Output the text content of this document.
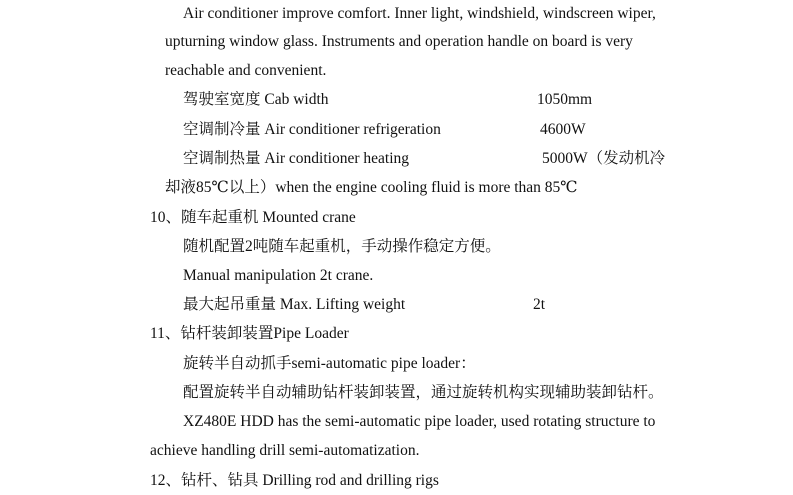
Air conditioner improve comfort. Inner light, windshield, windscreen wiper,
upturning window glass. Instruments and operation handle on board is very
reachable and convenient.
驾驶室宽度 Cab width	1050mm
空调制冷量 Air conditioner refrigeration	4600W
空调制热量 Air conditioner heating	5000W（发动机冷
却液85℃以上）when the engine cooling fluid is more than 85℃
10、随车起重机 Mounted crane
随机配置2吨随车起重机，手动操作稳定方便。
Manual manipulation 2t crane.
最大起吊重量 Max. Lifting weight	2t
11、钻杆装卸装置Pipe Loader
旋转半自动抓手semi-automatic pipe loader：
配置旋转半自动辅助钻杆装卸装置，通过旋转机构实现辅助装卸钻杆。
XZ480E HDD has the semi-automatic pipe loader, used rotating structure to
achieve handling drill semi-automatization.
12、钻杆、钻具 Drilling rod and drilling rigs
